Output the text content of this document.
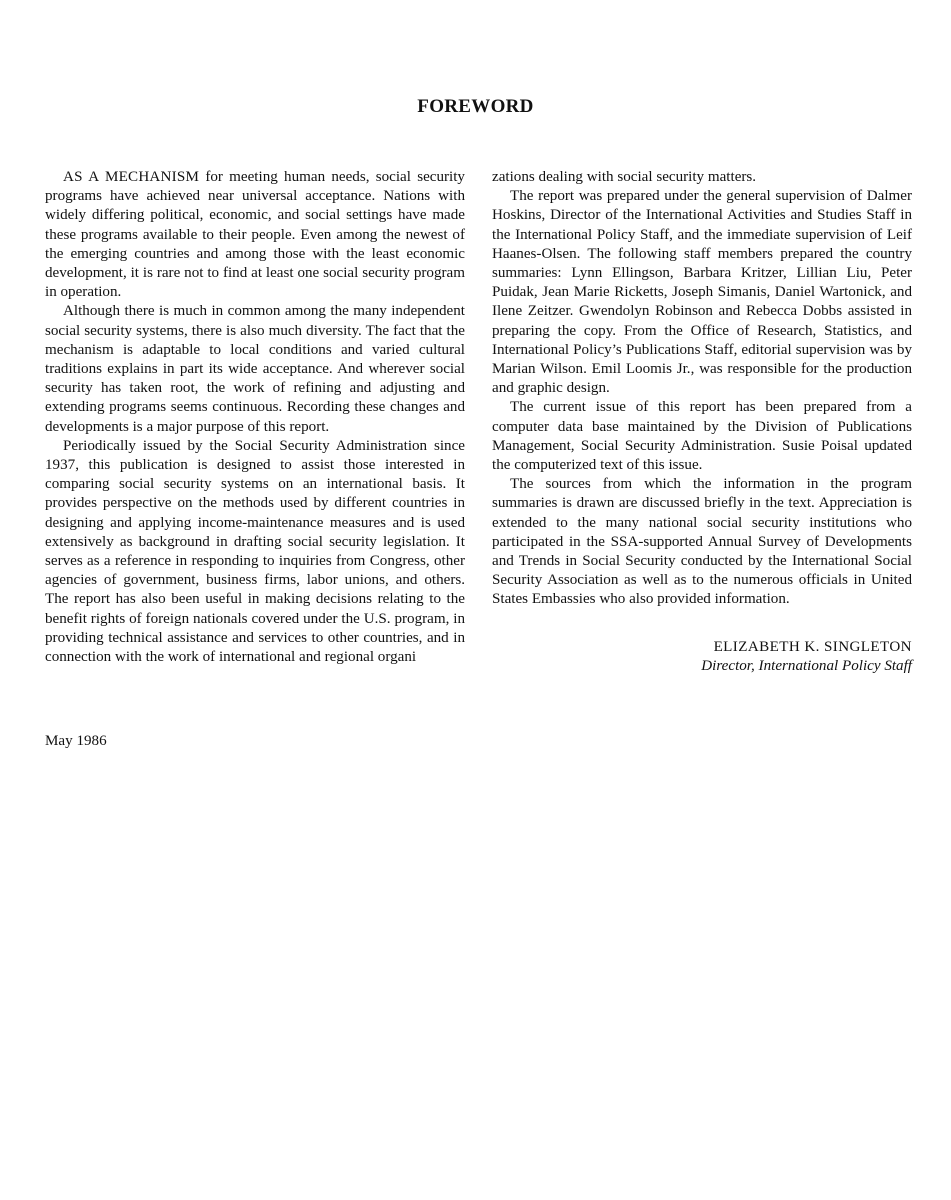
FOREWORD

AS A MECHANISM for meeting human needs, social security programs have achieved near universal acceptance. Nations with widely differing political, economic, and social settings have made these programs available to their people. Even among the newest of the emerging countries and among those with the least economic development, it is rare not to find at least one social security program in operation.

Although there is much in common among the many independent social security systems, there is also much diversity. The fact that the mechanism is adaptable to local conditions and varied cultural traditions explains in part its wide acceptance. And wherever social security has taken root, the work of refining and adjusting and extending programs seems continuous. Recording these changes and developments is a major purpose of this report.

Periodically issued by the Social Security Administration since 1937, this publication is designed to assist those interested in comparing social security systems on an international basis. It provides perspective on the methods used by different countries in designing and applying income-maintenance measures and is used extensively as background in drafting social security legislation. It serves as a reference in responding to inquiries from Congress, other agencies of government, business firms, labor unions, and others. The report has also been useful in making decisions relating to the benefit rights of foreign nationals covered under the U.S. program, in providing technical assistance and services to other countries, and in connection with the work of international and regional organi

zations dealing with social security matters.

The report was prepared under the general supervision of Dalmer Hoskins, Director of the International Activities and Studies Staff in the International Policy Staff, and the immediate supervision of Leif Haanes-Olsen. The following staff members prepared the country summaries: Lynn Ellingson, Barbara Kritzer, Lillian Liu, Peter Puidak, Jean Marie Ricketts, Joseph Simanis, Daniel Wartonick, and Ilene Zeitzer. Gwendolyn Robinson and Rebecca Dobbs assisted in preparing the copy. From the Office of Research, Statistics, and International Policy’s Publications Staff, editorial supervision was by Marian Wilson. Emil Loomis Jr., was responsible for the production and graphic design.

The current issue of this report has been prepared from a computer data base maintained by the Division of Publications Management, Social Security Administration. Susie Poisal updated the computerized text of this issue.

The sources from which the information in the program summaries is drawn are discussed briefly in the text. Appreciation is extended to the many national social security institutions who participated in the SSA-supported Annual Survey of Developments and Trends in Social Security conducted by the International Social Security Association as well as to the numerous officials in United States Embassies who also provided information.

ELIZABETH K. SINGLETON
Director, International Policy Staff
May 1986
